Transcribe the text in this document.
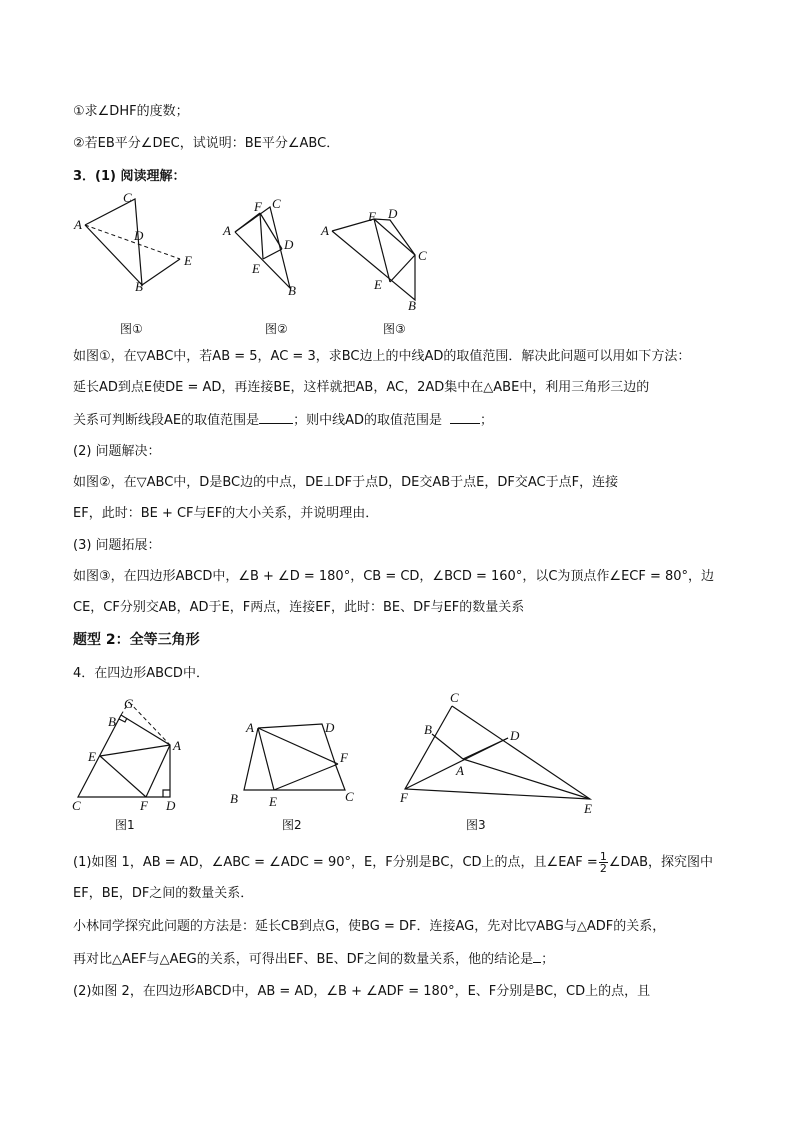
①求∠DHF的度数；
②若EB平分∠DEC，试说明：BE平分∠ABC．
3．(1) 阅读理解：
A
C
D
E
B
图①
A
F C
D
E
B
图②
A
F D
C
E
B
图③
如图①，在▽ABC中，若AB = 5，AC = 3，求BC边上的中线AD的取值范围．解决此问题可以用如下方法：
延长AD到点E使DE = AD，再连接BE，这样就把AB，AC，2AD集中在△ABE中，利用三角形三边的
关系可判断线段AE的取值范围是	；则中线AD的取值范围是	；
(2) 问题解决：
如图②，在▽ABC中，D是BC边的中点，DE⊥DF于点D，DE交AB于点E，DF交AC于点F，连接
EF，此时：BE + CF与EF的大小关系，并说明理由．
(3) 问题拓展：
如图③，在四边形ABCD中，∠B + ∠D = 180°，CB = CD，∠BCD = 160°，以C为顶点作∠ECF = 80°，边
CE，CF分别交AB，AD于E，F两点，连接EF，此时：BE、DF与EF的数量关系
题型 2：全等三角形
4．在四边形ABCD中．
G
B
A
E
C	F D
图1
A	D
F
B E	C
图2
C
B	D
A
F
E
图3
(1)如图 1，AB = AD，∠ABC = ∠ADC = 90°，E，F分别是BC，CD上的点，且∠EAF = $\frac{1}{2}$ ∠DAB，探究图中
EF，BE，DF之间的数量关系．
小林同学探究此问题的方法是：延长CB到点G，使BG = DF．连接AG，先对比▽ABG与△ADF的关系，
再对比△AEF与△AEG的关系，可得出EF、BE、DF之间的数量关系，他的结论是 ；
(2)如图 2，在四边形ABCD中，AB = AD，∠B + ∠ADF = 180°，E、F分别是BC，CD上的点，且
